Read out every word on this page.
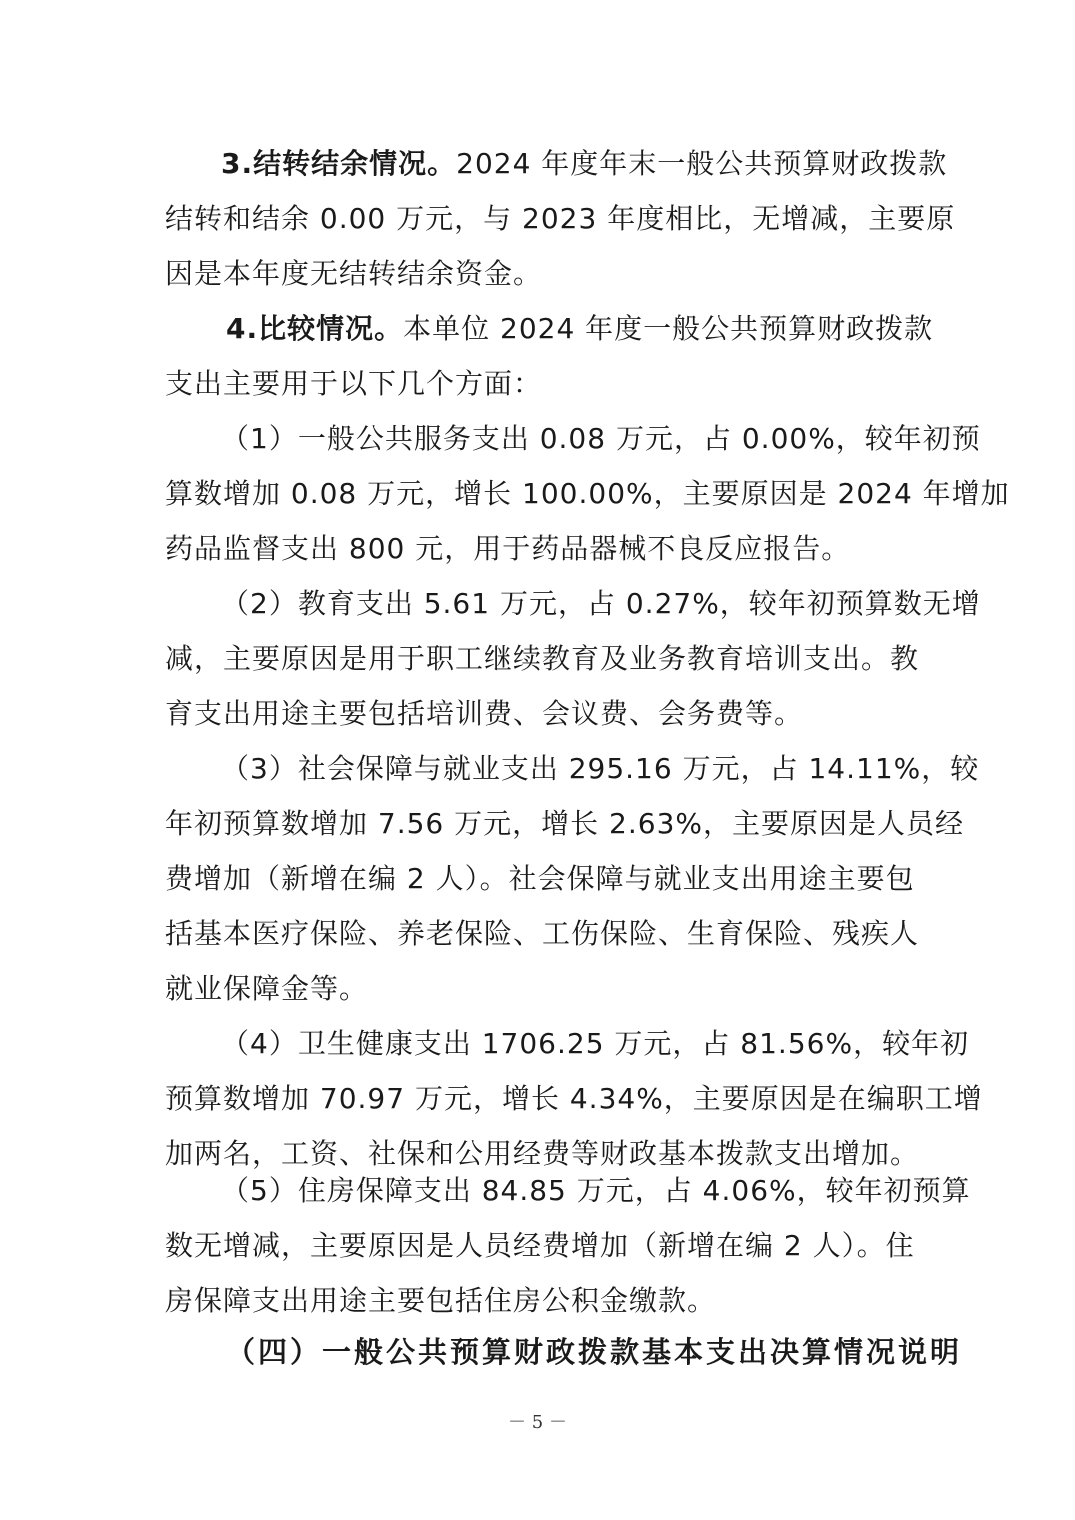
3.结转结余情况。2024 年度年末一般公共预算财政拨款
结转和结余 0.00 万元，与 2023 年度相比，无增减，主要原
因是本年度无结转结余资金。
4.比较情况。本单位 2024 年度一般公共预算财政拨款
支出主要用于以下几个方面：
（1）一般公共服务支出 0.08 万元，占 0.00%，较年初预
算数增加 0.08 万元，增长 100.00%，主要原因是 2024 年增加
药品监督支出 800 元，用于药品器械不良反应报告。
（2）教育支出 5.61 万元，占 0.27%，较年初预算数无增
减，主要原因是用于职工继续教育及业务教育培训支出。教
育支出用途主要包括培训费、会议费、会务费等。
（3）社会保障与就业支出 295.16 万元，占 14.11%，较
年初预算数增加 7.56 万元，增长 2.63%，主要原因是人员经
费增加（新增在编 2 人）。社会保障与就业支出用途主要包
括基本医疗保险、养老保险、工伤保险、生育保险、残疾人
就业保障金等。
（4）卫生健康支出 1706.25 万元，占 81.56%，较年初
预算数增加 70.97 万元，增长 4.34%，主要原因是在编职工增
加两名，工资、社保和公用经费等财政基本拨款支出增加。
（5）住房保障支出 84.85 万元，占 4.06%，较年初预算
数无增减，主要原因是人员经费增加（新增在编 2 人）。住
房保障支出用途主要包括住房公积金缴款。
（四）一般公共预算财政拨款基本支出决算情况说明
－ 5 －
